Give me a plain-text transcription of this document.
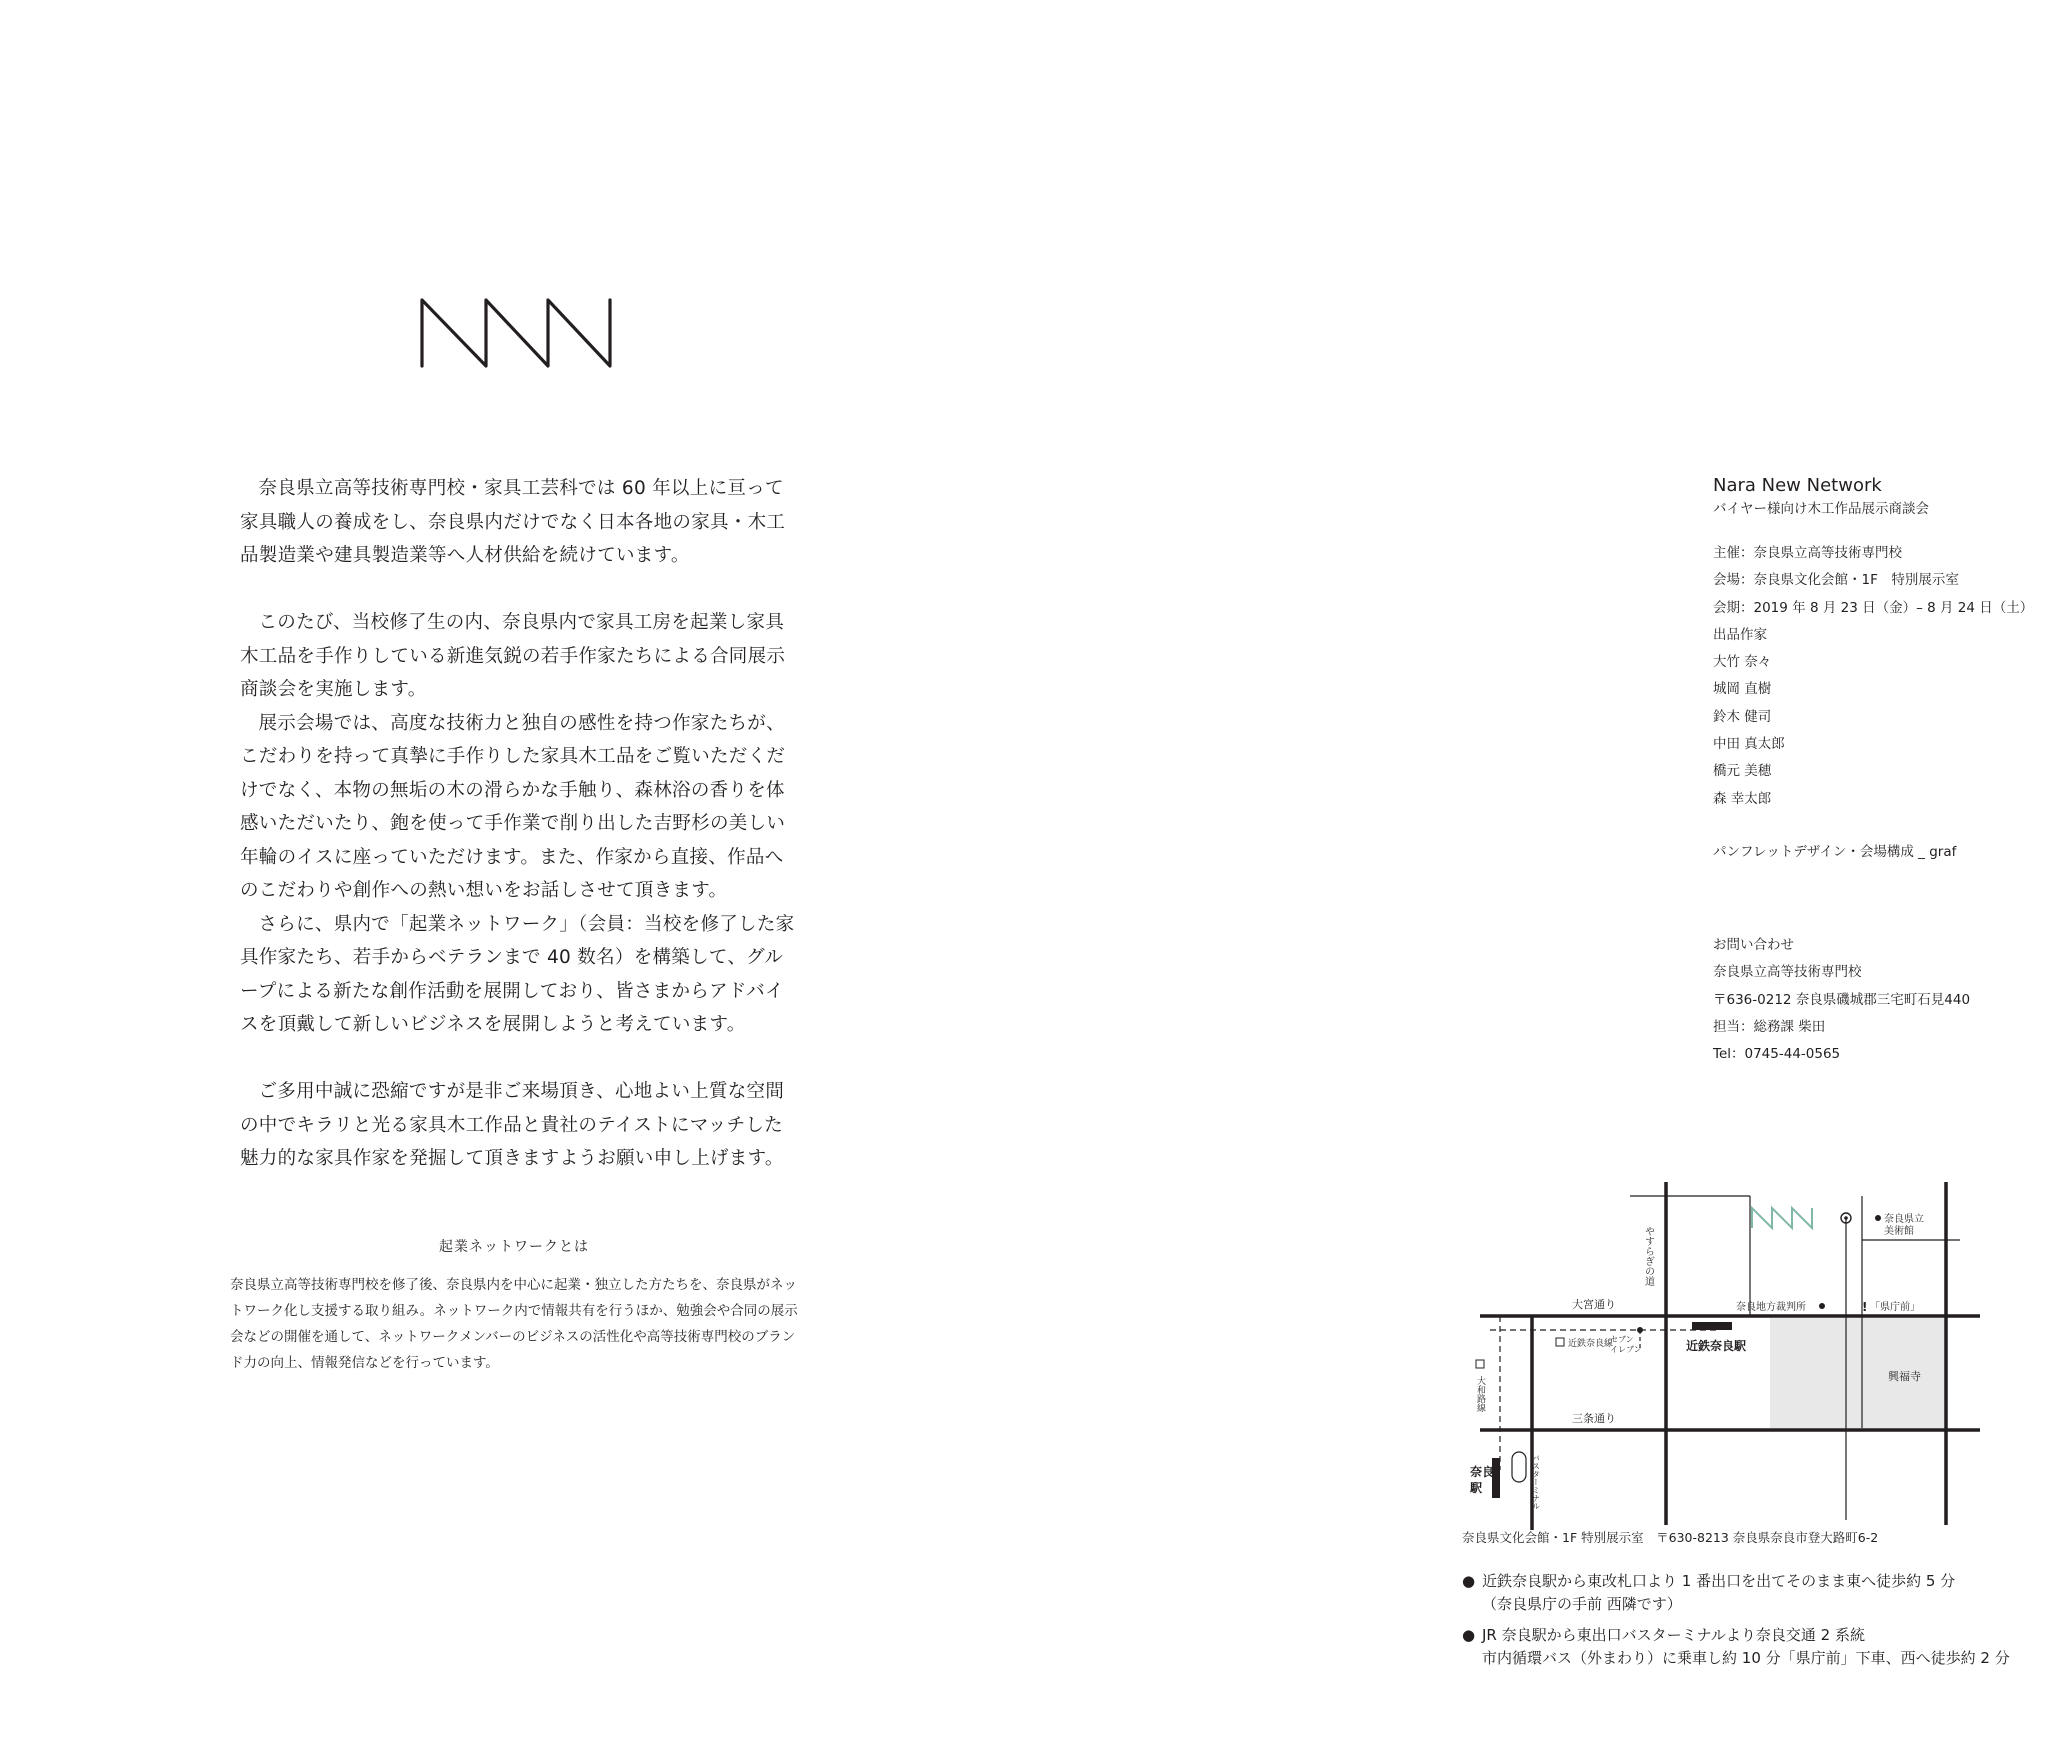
奈良県立高等技術専門校・家具工芸科では 60 年以上に亘って家具職人の養成をし、奈良県内だけでなく日本各地の家具・木工品製造業や建具製造業等へ人材供給を続けています。

このたび、当校修了生の内、奈良県内で家具工房を起業し家具木工品を手作りしている新進気鋭の若手作家たちによる合同展示商談会を実施します。

展示会場では、高度な技術力と独自の感性を持つ作家たちが、こだわりを持って真摯に手作りした家具木工品をご覧いただくだけでなく、本物の無垢の木の滑らかな手触り、森林浴の香りを体感いただいたり、鉋を使って手作業で削り出した吉野杉の美しい年輪のイスに座っていただけます。また、作家から直接、作品へのこだわりや創作への熱い想いをお話しさせて頂きます。

さらに、県内で「起業ネットワーク」（会員：当校を修了した家具作家たち、若手からベテランまで 40 数名）を構築して、グループによる新たな創作活動を展開しており、皆さまからアドバイスを頂戴して新しいビジネスを展開しようと考えています。

ご多用中誠に恐縮ですが是非ご来場頂き、心地よい上質な空間の中でキラリと光る家具木工作品と貴社のテイストにマッチした魅力的な家具作家を発掘して頂きますようお願い申し上げます。

起業ネットワークとは
奈良県立高等技術専門校を修了後、奈良県内を中心に起業・独立した方たちを、奈良県がネットワーク化し支援する取り組み。ネットワーク内で情報共有を行うほか、勉強会や合同の展示会などの開催を通して、ネットワークメンバーのビジネスの活性化や高等技術専門校のブランド力の向上、情報発信などを行っています。

Nara New Network

バイヤー様向け木工作品展示商談会

主催：奈良県立高等技術専門校

会場：奈良県文化会館・1F　特別展示室

会期：2019 年 8 月 23 日（金）– 8 月 24 日（土）

出品作家

大竹 奈々

城岡 直樹

鈴木 健司

中田 真太郎

橋元 美穂

森 幸太郎

パンフレットデザイン・会場構成 _ graf

お問い合わせ

奈良県立高等技術専門校

〒636-0212 奈良県磯城郡三宅町石見440

担当：総務課 柴田

Tel：0745-44-0565

!
大宮通り
三条通り
奈良地方裁判所
奈良県立
美術館
「県庁前」
近鉄奈良線
セブン
イレブン	近鉄奈良駅
興福寺
奈良
駅
やすらぎの道
大和路線
バスターミナル
奈良県文化会館・1F 特別展示室　〒630-8213 奈良県奈良市登大路町6-2
● 近鉄奈良駅から東改札口より 1 番出口を出てそのまま東へ徒歩約 5 分
（奈良県庁の手前 西隣です）
● JR 奈良駅から東出口バスターミナルより奈良交通 2 系統
市内循環バス（外まわり）に乗車し約 10 分「県庁前」下車、西へ徒歩約 2 分
